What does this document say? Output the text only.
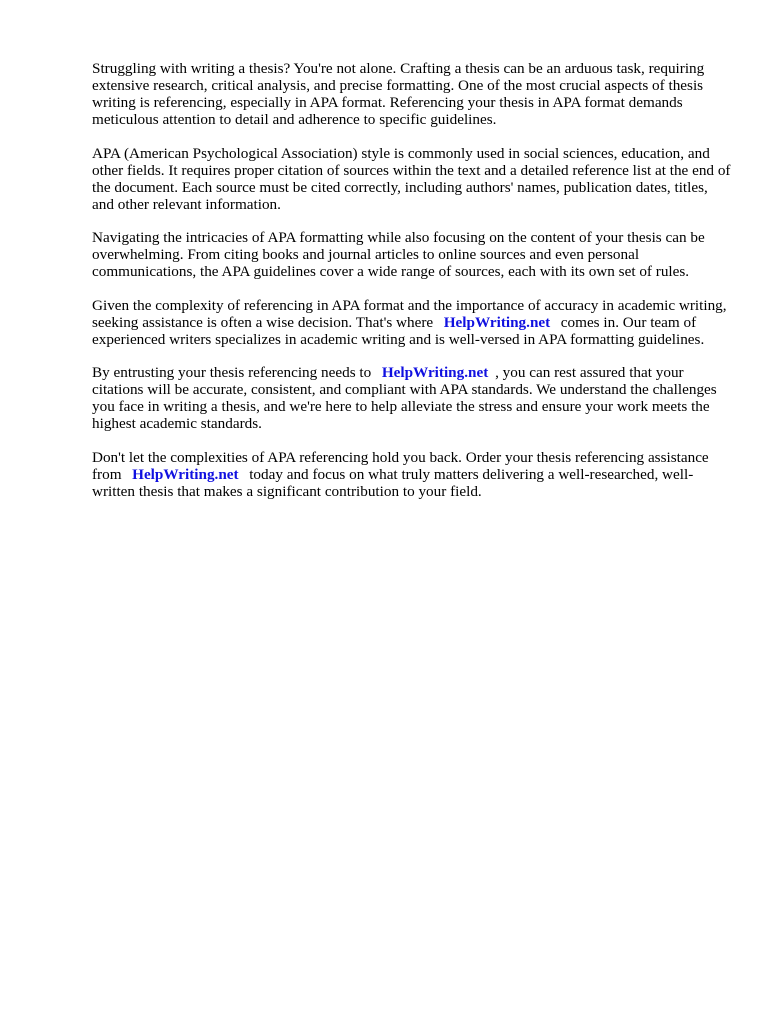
Struggling with writing a thesis? You're not alone. Crafting a thesis can be an arduous task, requiring extensive research, critical analysis, and precise formatting. One of the most crucial aspects of thesis writing is referencing, especially in APA format. Referencing your thesis in APA format demands meticulous attention to detail and adherence to specific guidelines.

APA (American Psychological Association) style is commonly used in social sciences, education, and other fields. It requires proper citation of sources within the text and a detailed reference list at the end of the document. Each source must be cited correctly, including authors' names, publication dates, titles, and other relevant information.

Navigating the intricacies of APA formatting while also focusing on the content of your thesis can be overwhelming. From citing books and journal articles to online sources and even personal communications, the APA guidelines cover a wide range of sources, each with its own set of rules.

Given the complexity of referencing in APA format and the importance of accuracy in academic writing, seeking assistance is often a wise decision. That's where HelpWriting.net comes in. Our team of experienced writers specializes in academic writing and is well-versed in APA formatting guidelines.

By entrusting your thesis referencing needs to HelpWriting.net , you can rest assured that your citations will be accurate, consistent, and compliant with APA standards. We understand the challenges you face in writing a thesis, and we're here to help alleviate the stress and ensure your work meets the highest academic standards.

Don't let the complexities of APA referencing hold you back. Order your thesis referencing assistance from HelpWriting.net today and focus on what truly matters delivering a well-researched, well-written thesis that makes a significant contribution to your field.
